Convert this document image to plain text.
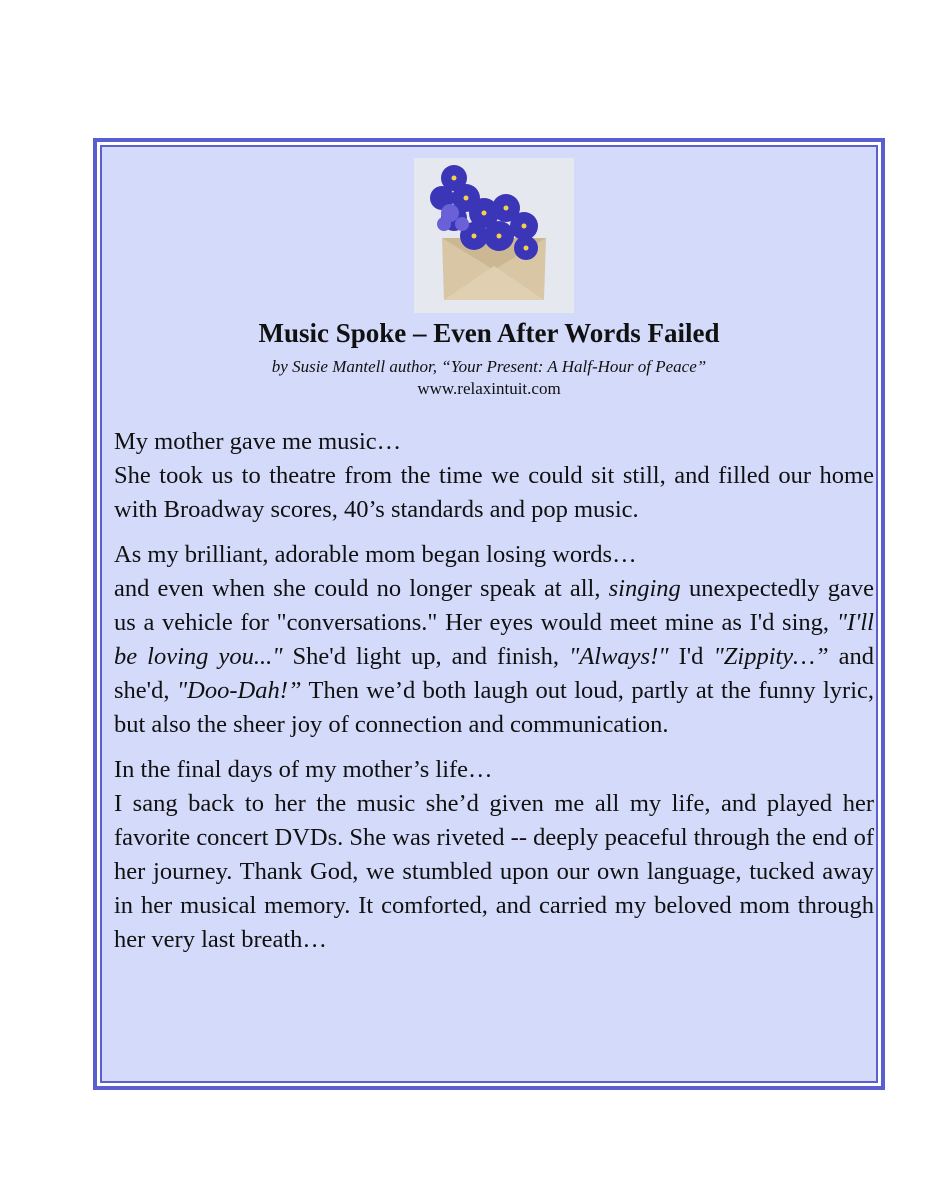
Music Spoke – Even After Words Failed
by Susie Mantell author, “Your Present: A Half-Hour of Peace”
www.relaxintuit.com

My mother gave me music…
She took us to theatre from the time we could sit still, and filled our home with Broadway scores, 40’s standards and pop music.

As my brilliant, adorable mom began losing words…
and even when she could no longer speak at all, singing unexpectedly gave us a vehicle for "conversations." Her eyes would meet mine as I'd sing, "I'll be loving you..." She'd light up, and finish, "Always!" I'd "Zippity…” and she'd, "Doo-Dah!” Then we’d both laugh out loud, partly at the funny lyric, but also the sheer joy of connection and communication.

In the final days of my mother’s life…
I sang back to her the music she’d given me all my life, and played her favorite concert DVDs. She was riveted -- deeply peaceful through the end of her journey. Thank God, we stumbled upon our own language, tucked away in her musical memory. It comforted, and carried my beloved mom through her very last breath…
